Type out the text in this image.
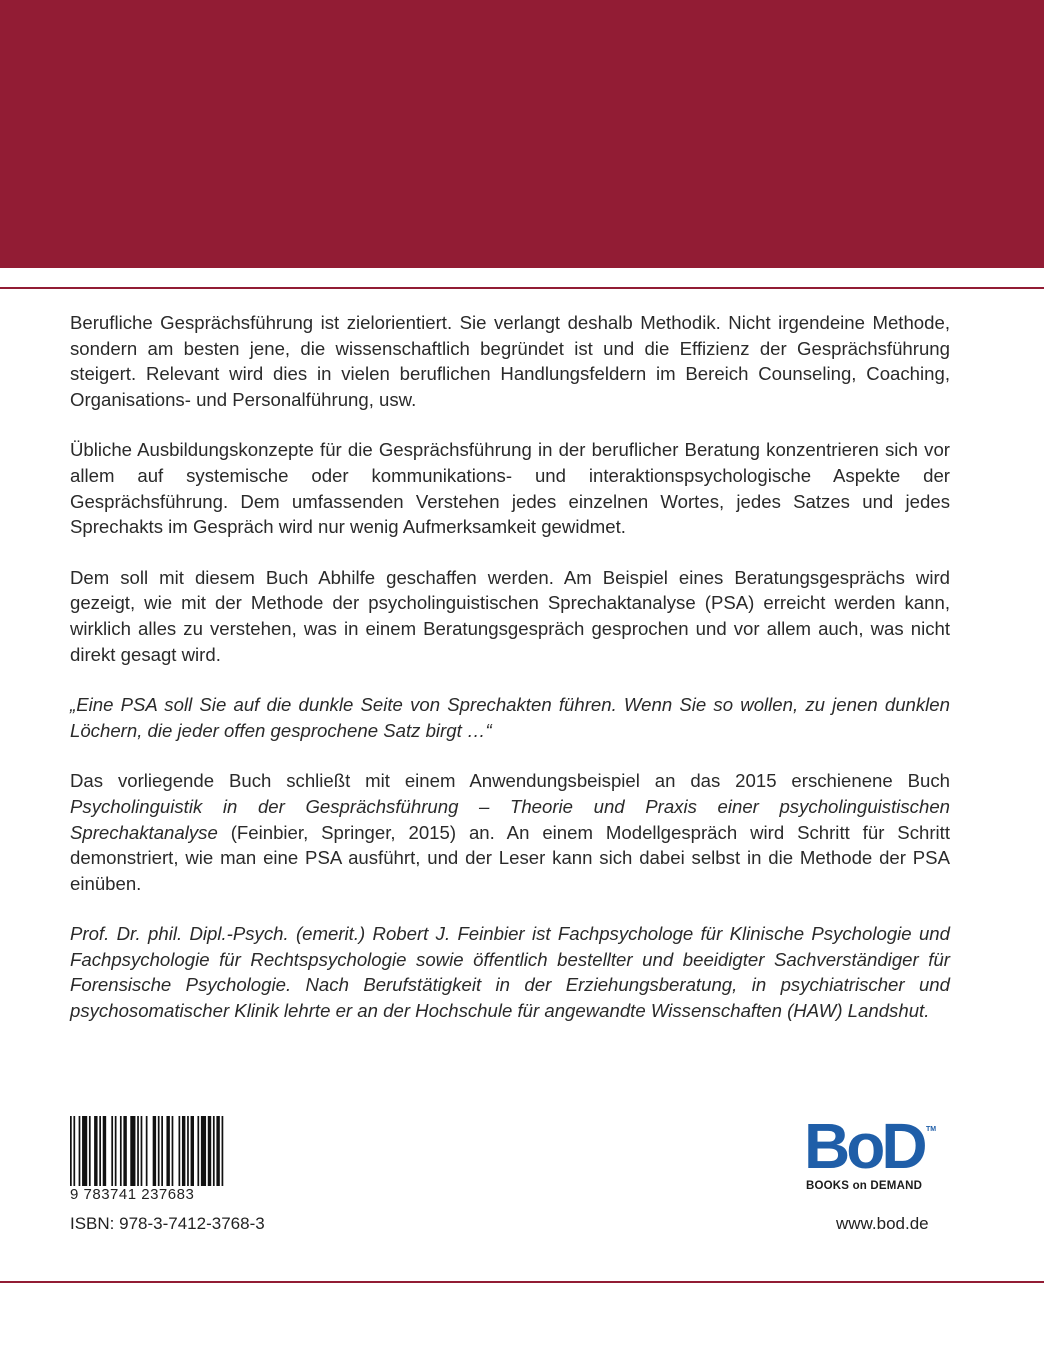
Berufliche Gesprächsführung ist zielorientiert. Sie verlangt deshalb Methodik. Nicht irgendeine Methode, sondern am besten jene, die wissenschaftlich begründet ist und die Effizienz der Gesprächsführung steigert. Relevant wird dies in vielen beruflichen Handlungsfeldern im Bereich Counseling, Coaching, Organisations- und Personalführung, usw.

Übliche Ausbildungskonzepte für die Gesprächsführung in der beruflicher Beratung konzentrieren sich vor allem auf systemische oder kommunikations- und interaktionspsychologische Aspekte der Gesprächsführung. Dem umfassenden Verstehen jedes einzelnen Wortes, jedes Satzes und jedes Sprechakts im Gespräch wird nur wenig Aufmerksamkeit gewidmet.

Dem soll mit diesem Buch Abhilfe geschaffen werden. Am Beispiel eines Beratungsgesprächs wird gezeigt, wie mit der Methode der psycholinguistischen Sprechaktanalyse (PSA) erreicht werden kann, wirklich alles zu verstehen, was in einem Beratungsgespräch gesprochen und vor allem auch, was nicht direkt gesagt wird.

„Eine PSA soll Sie auf die dunkle Seite von Sprechakten führen. Wenn Sie so wollen, zu jenen dunklen Löchern, die jeder offen gesprochene Satz birgt …“

Das vorliegende Buch schließt mit einem Anwendungsbeispiel an das 2015 erschienene Buch Psycholinguistik in der Gesprächsführung – Theorie und Praxis einer psycholinguistischen Sprechaktanalyse (Feinbier, Springer, 2015) an. An einem Modellgespräch wird Schritt für Schritt demonstriert, wie man eine PSA ausführt, und der Leser kann sich dabei selbst in die Methode der PSA einüben.

Prof. Dr. phil. Dipl.-Psych. (emerit.) Robert J. Feinbier ist Fachpsychologe für Klinische Psychologie und Fachpsychologie für Rechtspsychologie sowie öffentlich bestellter und beeidigter Sachverständiger für Forensische Psychologie. Nach Berufstätigkeit in der Erziehungsberatung, in psychiatrischer und psychosomatischer Klinik lehrte er an der Hochschule für angewandte Wissenschaften (HAW) Landshut.

9 783741 237683
ISBN: 978-3-7412-3768-3
BoD TM
BOOKS on DEMAND
www.bod.de
